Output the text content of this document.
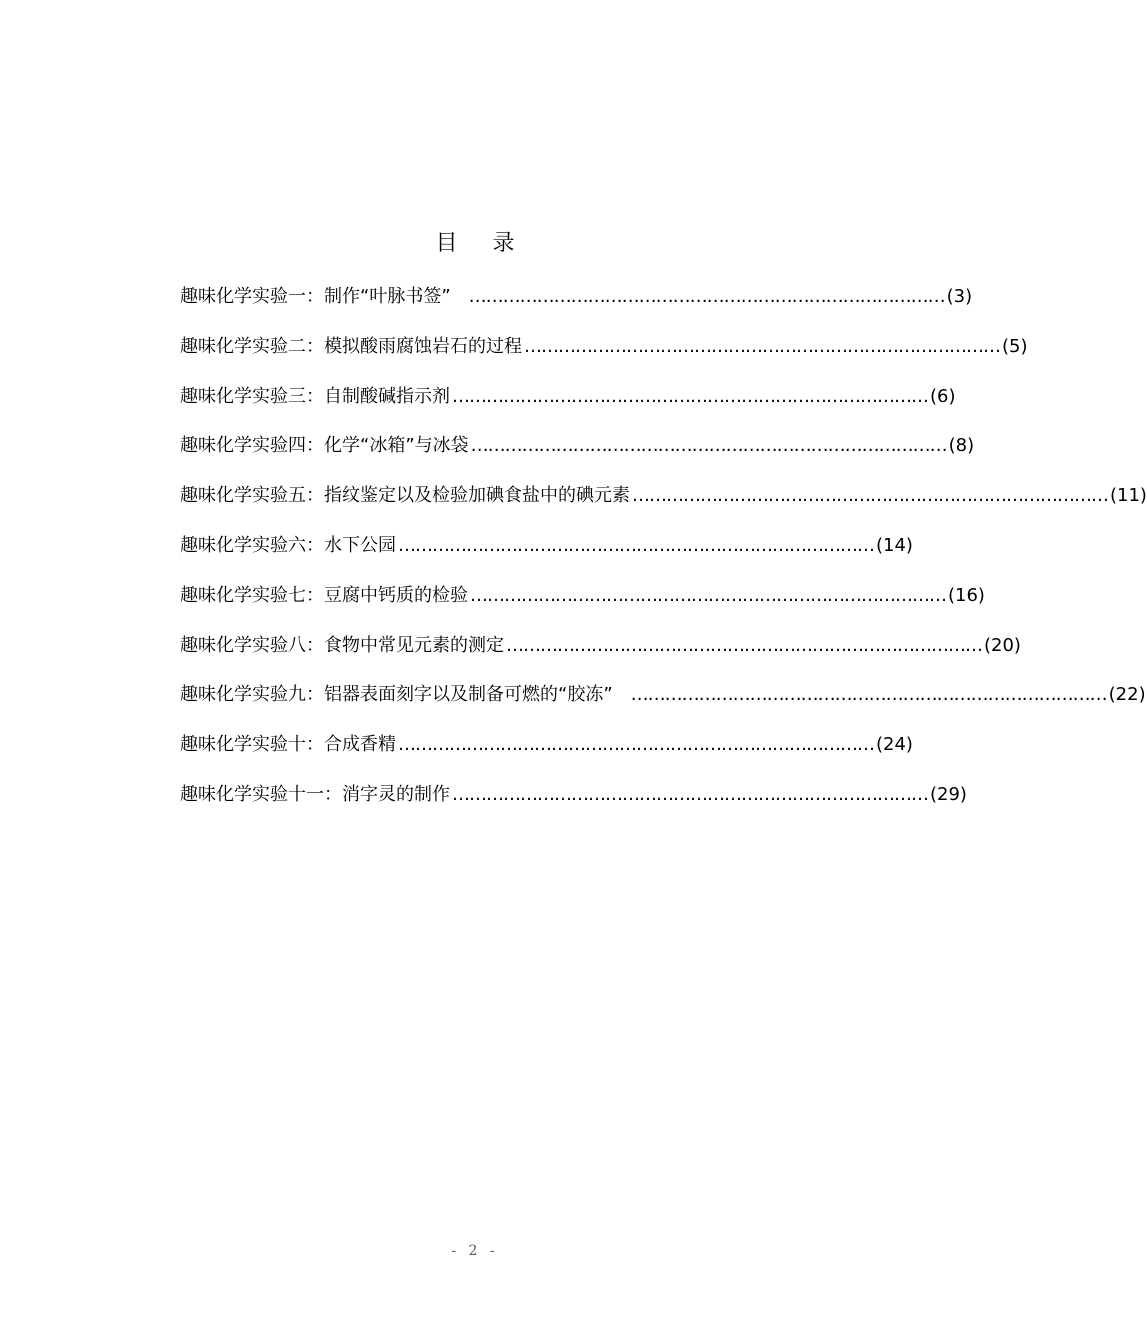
目 录
趣味化学实验一：制作“叶脉书签” ………………………………………………………………………… (3)
趣味化学实验二：模拟酸雨腐蚀岩石的过程 ………………………………………………………………………… (5)
趣味化学实验三：自制酸碱指示剂 ………………………………………………………………………… (6)
趣味化学实验四：化学“冰箱”与冰袋 ………………………………………………………………………… (8)
趣味化学实验五：指纹鉴定以及检验加碘食盐中的碘元素 ………………………………………………………………………… (11)
趣味化学实验六：水下公园 ………………………………………………………………………… (14)
趣味化学实验七：豆腐中钙质的检验 ………………………………………………………………………… (16)
趣味化学实验八：食物中常见元素的测定 ………………………………………………………………………… (20)
趣味化学实验九：铝器表面刻字以及制备可燃的“胶冻” ………………………………………………………………………… (22)
趣味化学实验十：合成香精 ………………………………………………………………………… (24)
趣味化学实验十一：消字灵的制作 ………………………………………………………………………… (29)
- 2 -
